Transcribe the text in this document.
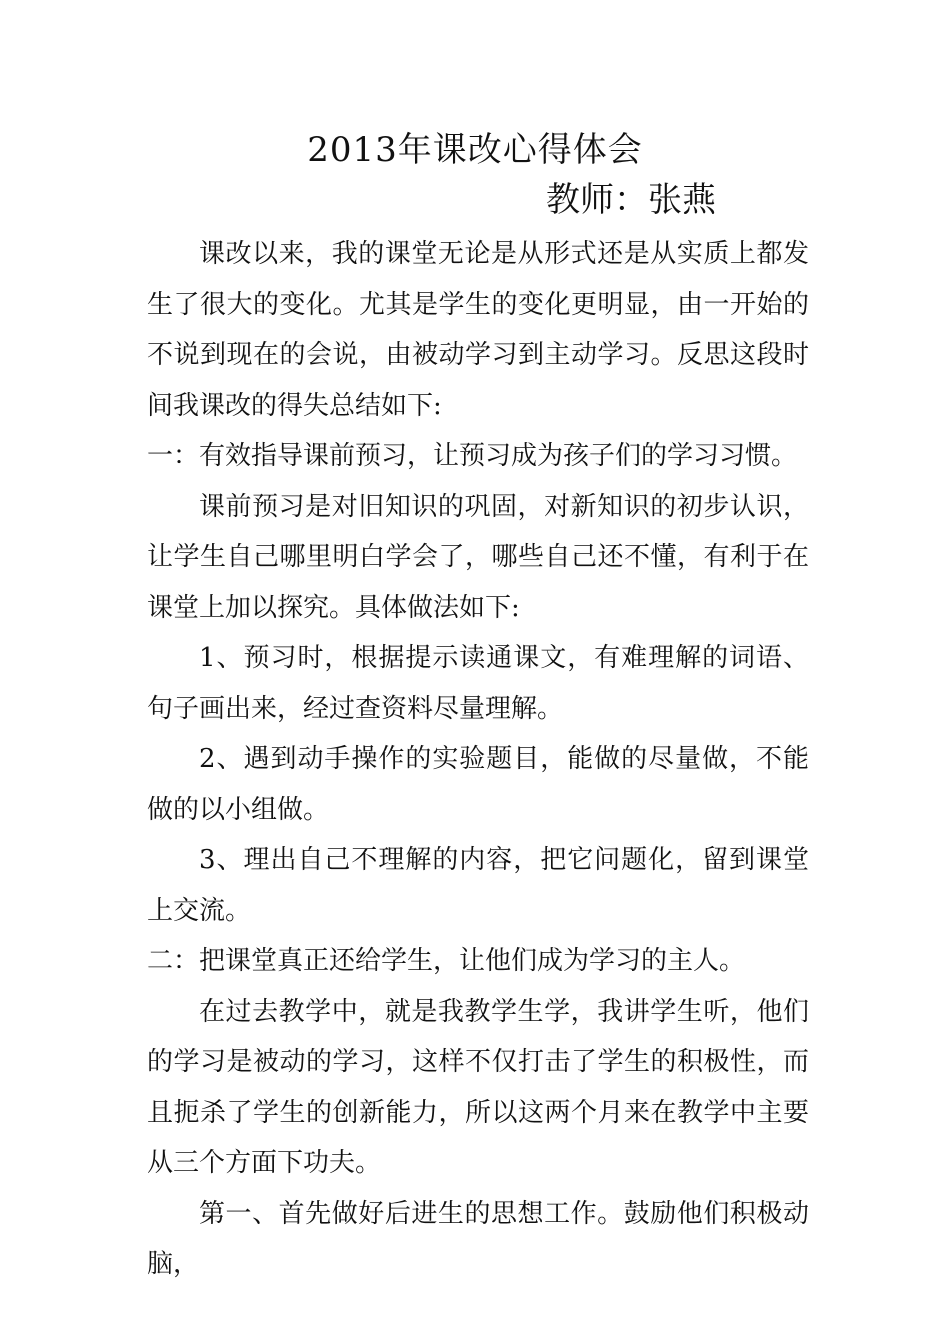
2013年课改心得体会
教师：张燕

课改以来，我的课堂无论是从形式还是从实质上都发生了很大的变化。尤其是学生的变化更明显，由一开始的不说到现在的会说，由被动学习到主动学习。反思这段时间我课改的得失总结如下:

一：有效指导课前预习，让预习成为孩子们的学习习惯。

课前预习是对旧知识的巩固，对新知识的初步认识，让学生自己哪里明白学会了，哪些自己还不懂，有利于在课堂上加以探究。具体做法如下:

1、预习时，根据提示读通课文，有难理解的词语、句子画出来，经过查资料尽量理解。

2、遇到动手操作的实验题目，能做的尽量做，不能做的以小组做。

3、理出自己不理解的内容，把它问题化，留到课堂上交流。

二：把课堂真正还给学生，让他们成为学习的主人。

在过去教学中，就是我教学生学，我讲学生听，他们的学习是被动的学习，这样不仅打击了学生的积极性，而且扼杀了学生的创新能力，所以这两个月来在教学中主要从三个方面下功夫。

第一、首先做好后进生的思想工作。鼓励他们积极动脑，
